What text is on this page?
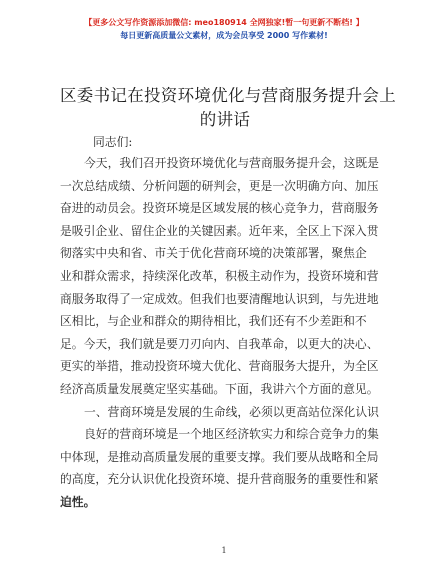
【更多公文写作资源添加微信: meo180914 全网独家!暂一句更新不断档! 】
每日更新高质量公文素材，成为会员享受 2000 写作素材!
区委书记在投资环境优化与营商服务提升会上
的讲话
同志们:
今天，我们召开投资环境优化与营商服务提升会，这既是
一次总结成绩、分析问题的研判会，更是一次明确方向、加压
奋进的动员会。投资环境是区域发展的核心竞争力，营商服务
是吸引企业、留住企业的关键因素。近年来，全区上下深入贯
彻落实中央和省、市关于优化营商环境的决策部署，聚焦企
业和群众需求，持续深化改革，积极主动作为，投资环境和营
商服务取得了一定成效。但我们也要清醒地认识到，与先进地
区相比，与企业和群众的期待相比，我们还有不少差距和不
足。今天，我们就是要刀刃向内、自我革命，以更大的决心、
更实的举措，推动投资环境大优化、营商服务大提升，为全区
经济高质量发展奠定坚实基础。下面，我讲六个方面的意见。
一、营商环境是发展的生命线，必须以更高站位深化认识
良好的营商环境是一个地区经济软实力和综合竞争力的集
中体现，是推动高质量发展的重要支撑。我们要从战略和全局
的高度，充分认识优化投资环境、提升营商服务的重要性和紧
迫性。
1
